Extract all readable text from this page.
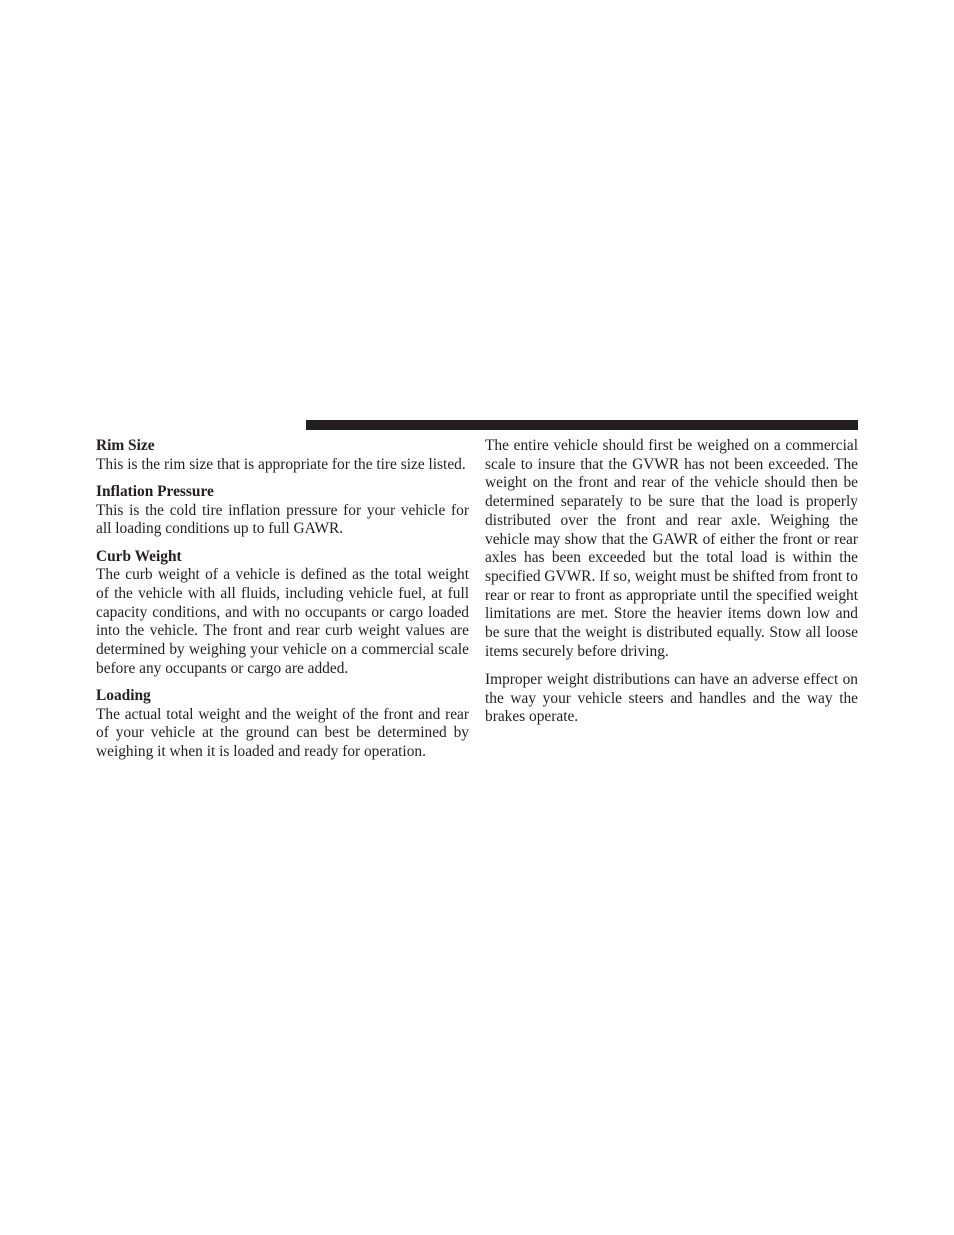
Rim Size

This is the rim size that is appropriate for the tire size listed.

Inflation Pressure

This is the cold tire inflation pressure for your vehicle for all loading conditions up to full GAWR.

Curb Weight

The curb weight of a vehicle is defined as the total weight of the vehicle with all fluids, including vehicle fuel, at full capacity conditions, and with no occupants or cargo loaded into the vehicle. The front and rear curb weight values are determined by weighing your vehicle on a commercial scale before any occupants or cargo are added.

Loading

The actual total weight and the weight of the front and rear of your vehicle at the ground can best be determined by weighing it when it is loaded and ready for operation.

The entire vehicle should first be weighed on a commercial scale to insure that the GVWR has not been exceeded. The weight on the front and rear of the vehicle should then be determined separately to be sure that the load is properly distributed over the front and rear axle. Weighing the vehicle may show that the GAWR of either the front or rear axles has been exceeded but the total load is within the specified GVWR. If so, weight must be shifted from front to rear or rear to front as appropriate until the specified weight limitations are met. Store the heavier items down low and be sure that the weight is distributed equally. Stow all loose items securely before driving.

Improper weight distributions can have an adverse effect on the way your vehicle steers and handles and the way the brakes operate.
